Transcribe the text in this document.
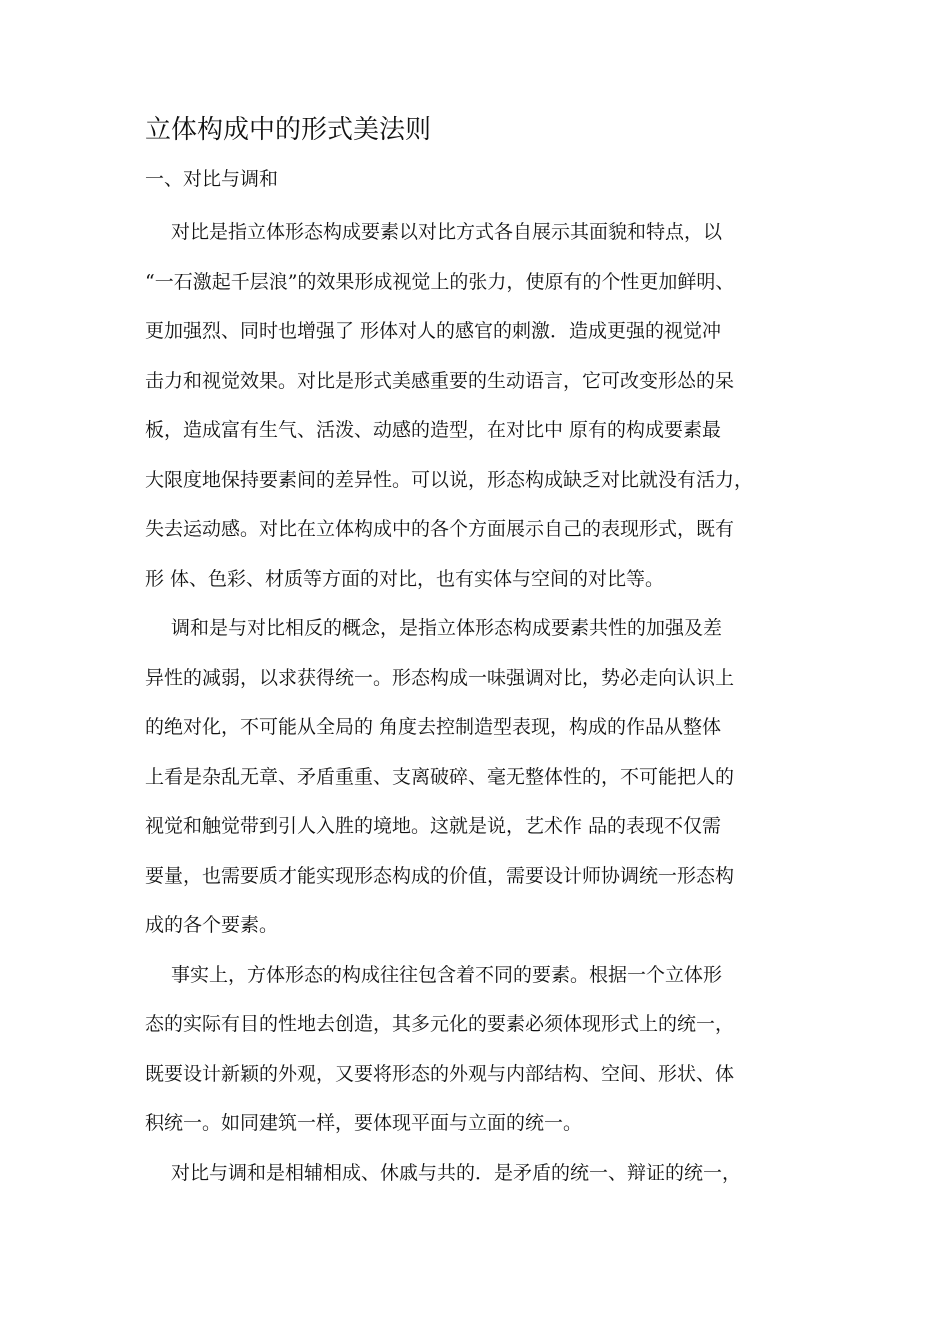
立体构成中的形式美法则
一、对比与调和
对比是指立体形态构成要素以对比方式各自展示其面貌和特点，以
“一石激起千层浪”的效果形成视觉上的张力，使原有的个性更加鲜明、
更加强烈、同时也增强了 形体对人的感官的刺激．造成更强的视觉冲
击力和视觉效果。对比是形式美感重要的生动语言，它可改变形怂的呆
板，造成富有生气、活泼、动感的造型，在对比中 原有的构成要素最
大限度地保持要素间的差异性。可以说，形态构成缺乏对比就没有活力，
失去运动感。对比在立体构成中的各个方面展示自己的表现形式，既有
形 体、色彩、材质等方面的对比，也有实体与空间的对比等。
调和是与对比相反的概念，是指立体形态构成要素共性的加强及差
异性的减弱，以求获得统一。形态构成一味强调对比，势必走向认识上
的绝对化，不可能从全局的 角度去控制造型表现，构成的作品从整体
上看是杂乱无章、矛盾重重、支离破碎、毫无整体性的，不可能把人的
视觉和触觉带到引人入胜的境地。这就是说，艺术作 品的表现不仅需
要量，也需要质才能实现形态构成的价值，需要设计师协调统一形态构
成的各个要素。
事实上，方体形态的构成往往包含着不同的要素。根据一个立体形
态的实际有目的性地去创造，其多元化的要素必须体现形式上的统一，
既要设计新颖的外观，又要将形态的外观与内部结构、空间、形状、体
积统一。如同建筑一样，要体现平面与立面的统一。
对比与调和是相辅相成、休戚与共的．是矛盾的统一、辩证的统一，
